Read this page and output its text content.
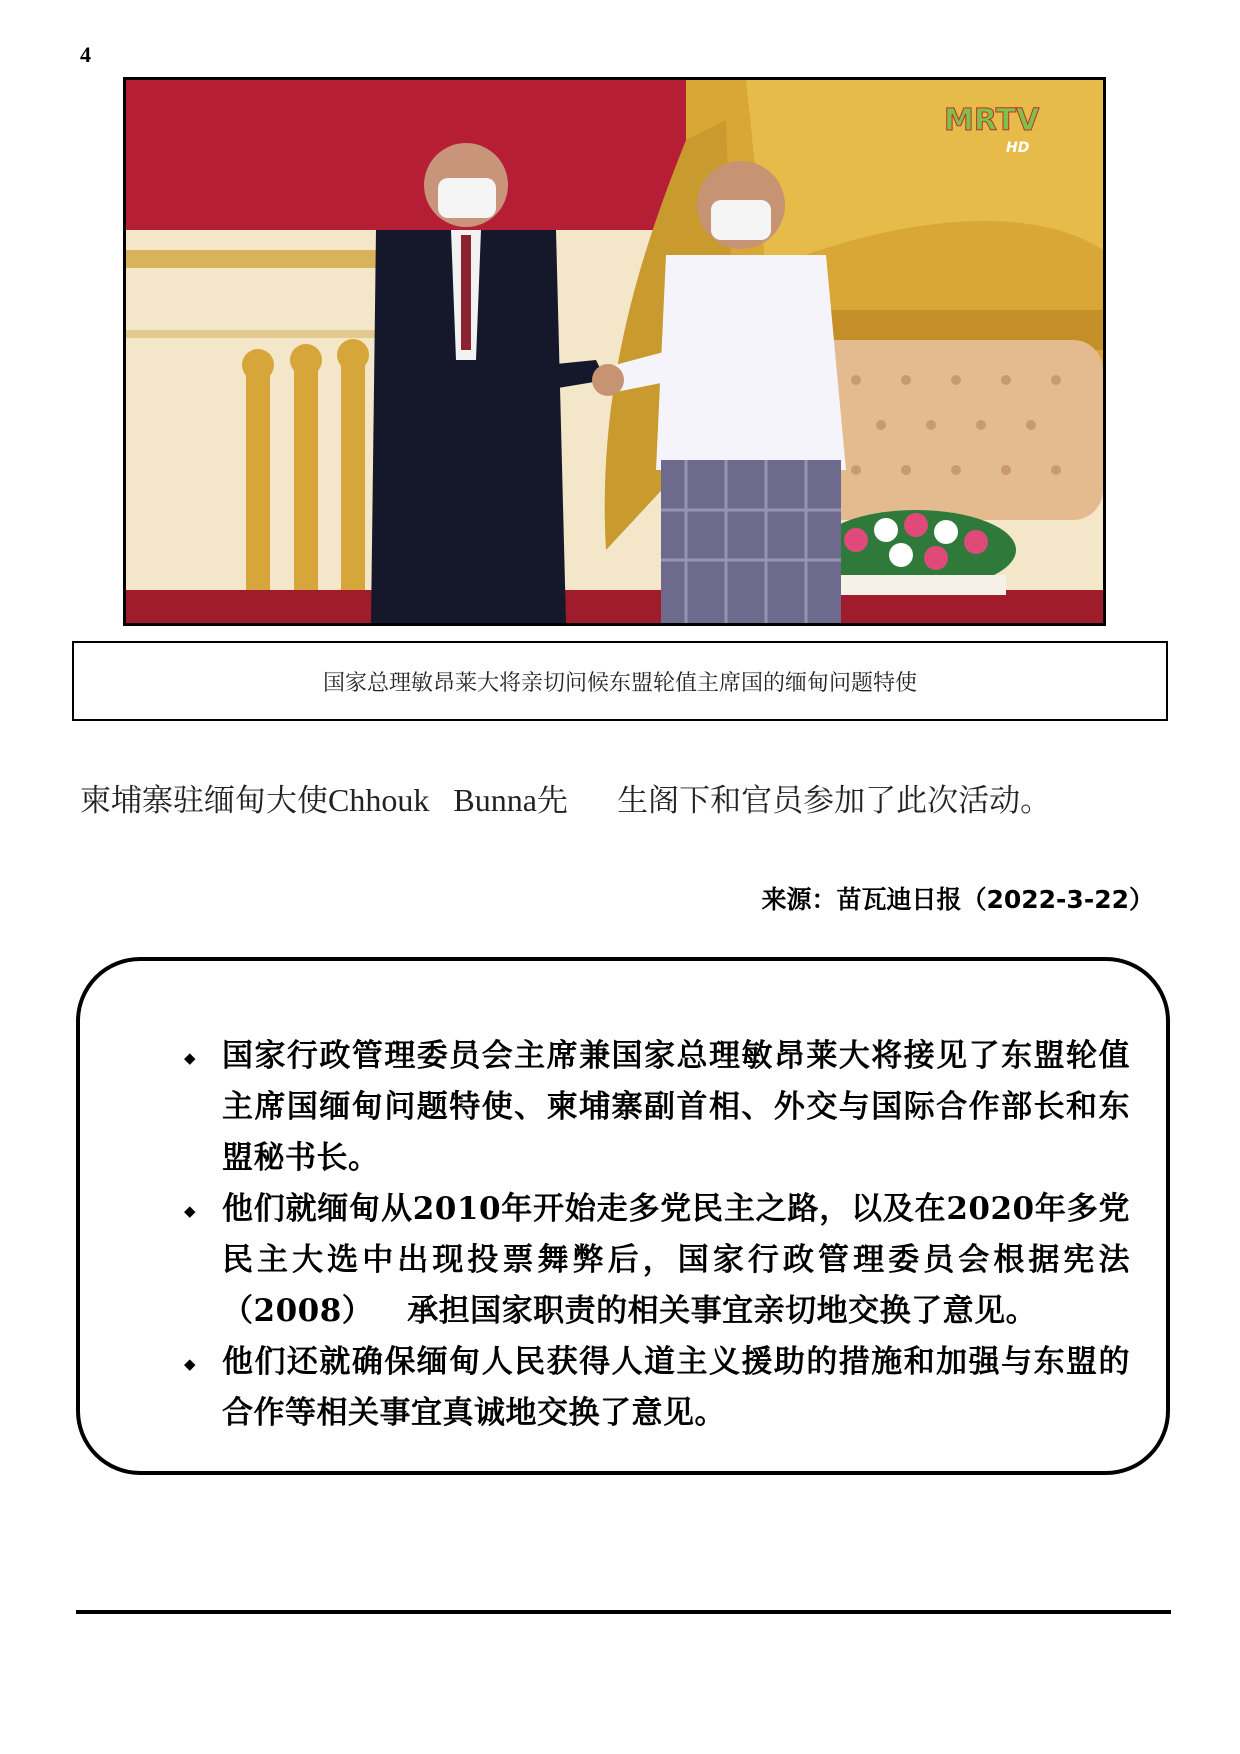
4
MRTV
HD
国家总理敏昂莱大将亲切问候东盟轮值主席国的缅甸问题特使
柬埔寨驻缅甸大使Chhouk   Bunna先     生阁下和官员参加了此次活动。
来源：苗瓦迪日报（2022-3-22）
◆ 国家行政管理委员会主席兼国家总理敏昂莱大将接见了东盟轮值主席国缅甸问题特使、柬埔寨副首相、外交与国际合作部长和东盟秘书长。
◆ 他们就缅甸从2010年开始走多党民主之路，以及在2020年多党民主大选中出现投票舞弊后，国家行政管理委员会根据宪法（2008）   承担国家职责的相关事宜亲切地交换了意见。
◆ 他们还就确保缅甸人民获得人道主义援助的措施和加强与东盟的合作等相关事宜真诚地交换了意见。
